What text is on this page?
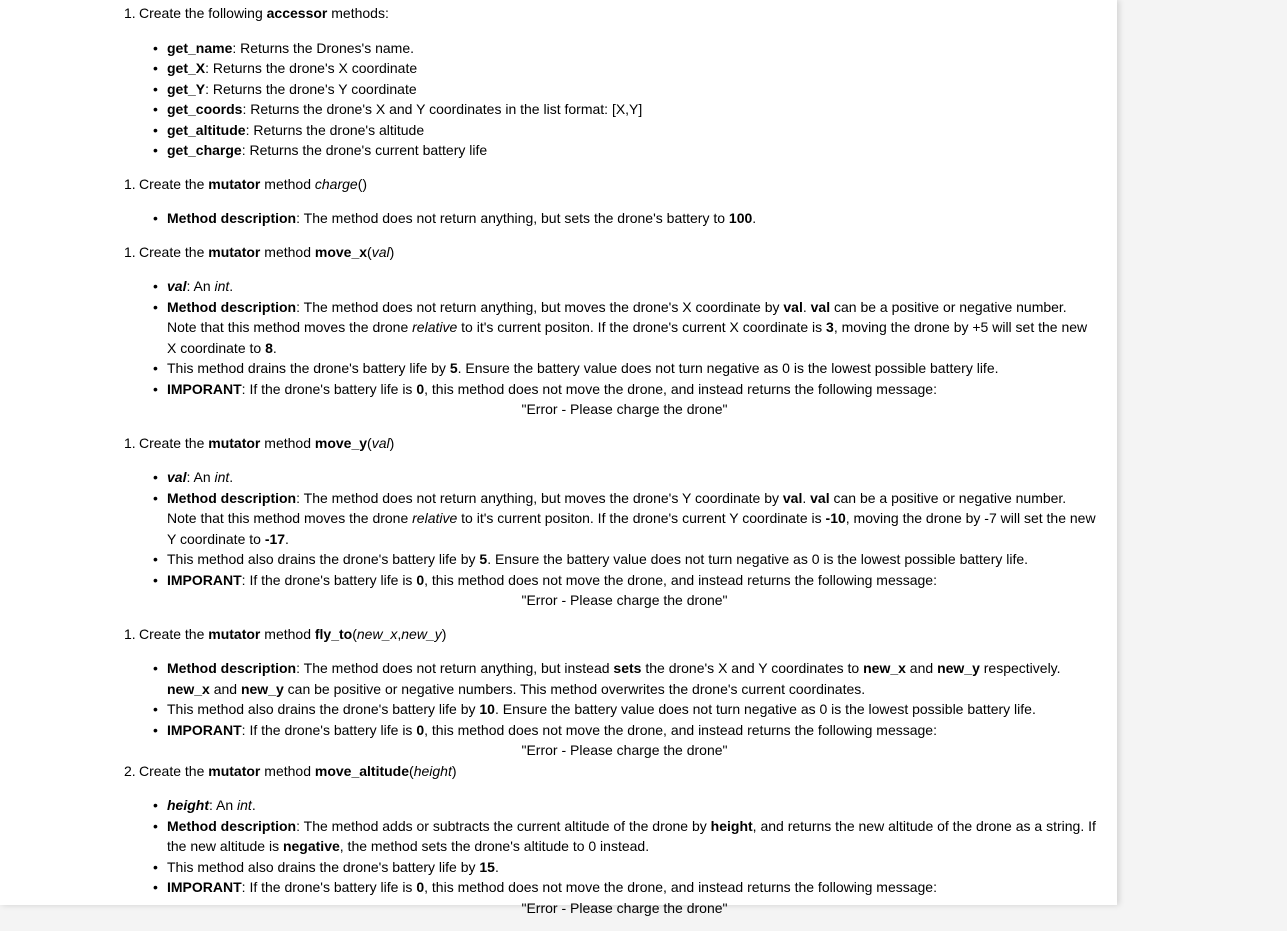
1. Create the following accessor methods:
• get_name: Returns the Drones's name.
• get_X: Returns the drone's X coordinate
• get_Y: Returns the drone's Y coordinate
• get_coords: Returns the drone's X and Y coordinates in the list format: [X,Y]
• get_altitude: Returns the drone's altitude
• get_charge: Returns the drone's current battery life
1. Create the mutator method charge()
• Method description: The method does not return anything, but sets the drone's battery to 100.
1. Create the mutator method move_x(val)
• val: An int.
• Method description: The method does not return anything, but moves the drone's X coordinate by val. val can be a positive or negative number. Note that this method moves the drone relative to it's current positon. If the drone's current X coordinate is 3, moving the drone by +5 will set the new X coordinate to 8.
• This method drains the drone's battery life by 5. Ensure the battery value does not turn negative as 0 is the lowest possible battery life.
• IMPORANT: If the drone's battery life is 0, this method does not move the drone, and instead returns the following message:
"Error - Please charge the drone"
1. Create the mutator method move_y(val)
• val: An int.
• Method description: The method does not return anything, but moves the drone's Y coordinate by val. val can be a positive or negative number. Note that this method moves the drone relative to it's current positon. If the drone's current Y coordinate is -10, moving the drone by -7 will set the new Y coordinate to -17.
• This method also drains the drone's battery life by 5. Ensure the battery value does not turn negative as 0 is the lowest possible battery life.
• IMPORANT: If the drone's battery life is 0, this method does not move the drone, and instead returns the following message:
"Error - Please charge the drone"
1. Create the mutator method fly_to(new_x,new_y)
• Method description: The method does not return anything, but instead sets the drone's X and Y coordinates to new_x and new_y respectively. new_x and new_y can be positive or negative numbers. This method overwrites the drone's current coordinates.
• This method also drains the drone's battery life by 10. Ensure the battery value does not turn negative as 0 is the lowest possible battery life.
• IMPORANT: If the drone's battery life is 0, this method does not move the drone, and instead returns the following message:
"Error - Please charge the drone"
2. Create the mutator method move_altitude(height)
• height: An int.
• Method description: The method adds or subtracts the current altitude of the drone by height, and returns the new altitude of the drone as a string. If the new altitude is negative, the method sets the drone's altitude to 0 instead.
• This method also drains the drone's battery life by 15.
• IMPORANT: If the drone's battery life is 0, this method does not move the drone, and instead returns the following message:
"Error - Please charge the drone"
